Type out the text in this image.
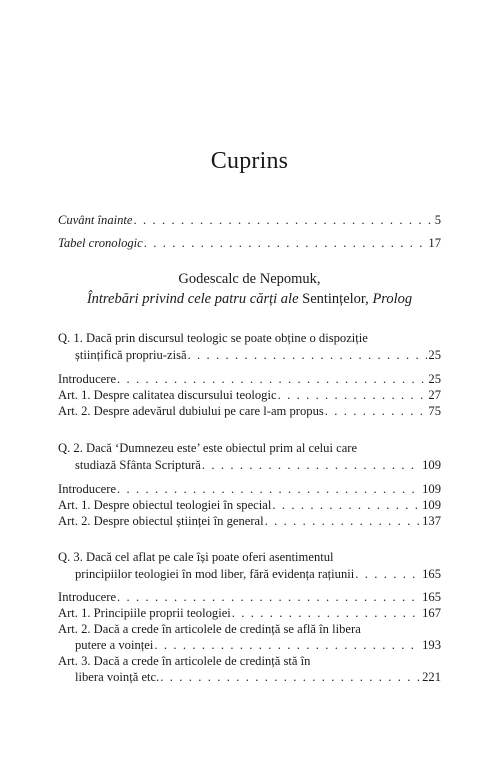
Cuprins
Cuvânt înainte . . .	5
Tabel cronologic . . .	17
Godescalc de Nepomuk,
Întrebări privind cele patru cărți ale Sentințelor, Prolog
Q. 1. Dacă prin discursul teologic se poate obține o dispoziție
științifică propriu-zisă . . .	25
Introducere . . .	25
Art. 1. Despre calitatea discursului teologic . . .	27
Art. 2. Despre adevărul dubiului pe care l-am propus . . .	75
Q. 2. Dacă ‘Dumnezeu este’ este obiectul prim al celui care
studiază Sfânta Scriptură . . .	109
Introducere . . .	109
Art. 1. Despre obiectul teologiei în special . . .	109
Art. 2. Despre obiectul științei în general . . .	137
Q. 3. Dacă cel aflat pe cale își poate oferi asentimentul
principiilor teologiei în mod liber, fără evidența rațiunii . . .	165
Introducere . . .	165
Art. 1. Principiile proprii teologiei . . .	167
Art. 2. Dacă a crede în articolele de credință se află în libera
putere a voinței . . .	193
Art. 3. Dacă a crede în articolele de credință stă în
libera voință etc. . . .	221
